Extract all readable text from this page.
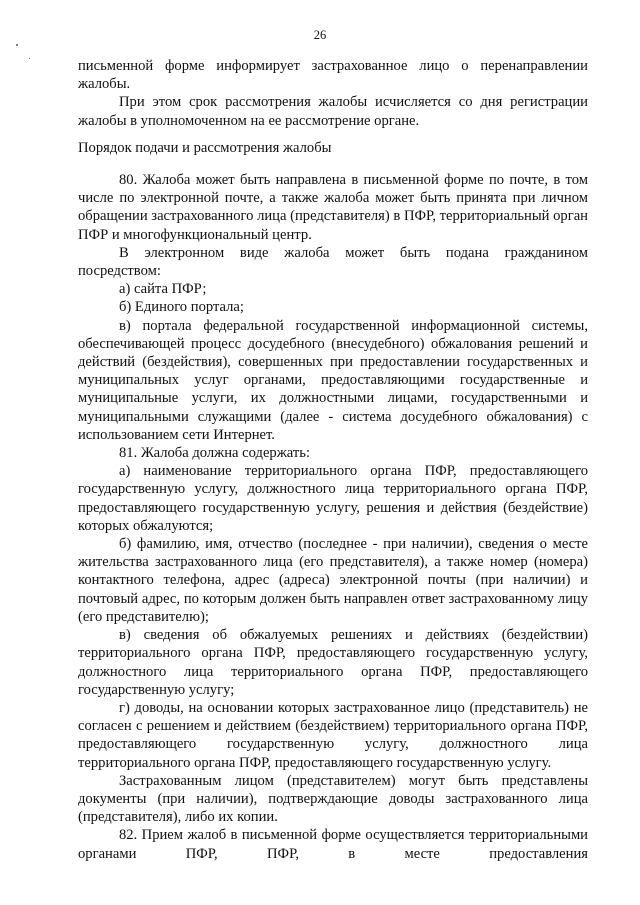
26

письменной форме информирует застрахованное лицо о перенаправлении жалобы.

При этом срок рассмотрения жалобы исчисляется со дня регистрации жалобы в уполномоченном на ее рассмотрение органе.

Порядок подачи и рассмотрения жалобы

80. Жалоба может быть направлена в письменной форме по почте, в том числе по электронной почте, а также жалоба может быть принята при личном обращении застрахованного лица (представителя) в ПФР, территориальный орган ПФР и многофункциональный центр.

В электронном виде жалоба может быть подана гражданином посредством:

а) сайта ПФР;

б) Единого портала;

в) портала федеральной государственной информационной системы, обеспечивающей процесс досудебного (внесудебного) обжалования решений и действий (бездействия), совершенных при предоставлении государственных и муниципальных услуг органами, предоставляющими государственные и муниципальные услуги, их должностными лицами, государственными и муниципальными служащими (далее - система досудебного обжалования) с использованием сети Интернет.

81. Жалоба должна содержать:

а) наименование территориального органа ПФР, предоставляющего государственную услугу, должностного лица территориального органа ПФР, предоставляющего государственную услугу, решения и действия (бездействие) которых обжалуются;

б) фамилию, имя, отчество (последнее - при наличии), сведения о месте жительства застрахованного лица (его представителя), а также номер (номера) контактного телефона, адрес (адреса) электронной почты (при наличии) и почтовый адрес, по которым должен быть направлен ответ застрахованному лицу (его представителю);

в) сведения об обжалуемых решениях и действиях (бездействии) территориального органа ПФР, предоставляющего государственную услугу, должностного лица территориального органа ПФР, предоставляющего государственную услугу;

г) доводы, на основании которых застрахованное лицо (представитель) не согласен с решением и действием (бездействием) территориального органа ПФР, предоставляющего государственную услугу, должностного лица территориального органа ПФР, предоставляющего государственную услугу.

Застрахованным лицом (представителем) могут быть представлены документы (при наличии), подтверждающие доводы застрахованного лица (представителя), либо их копии.

82. Прием жалоб в письменной форме осуществляется территориальными органами ПФР, ПФР, в месте предоставления
